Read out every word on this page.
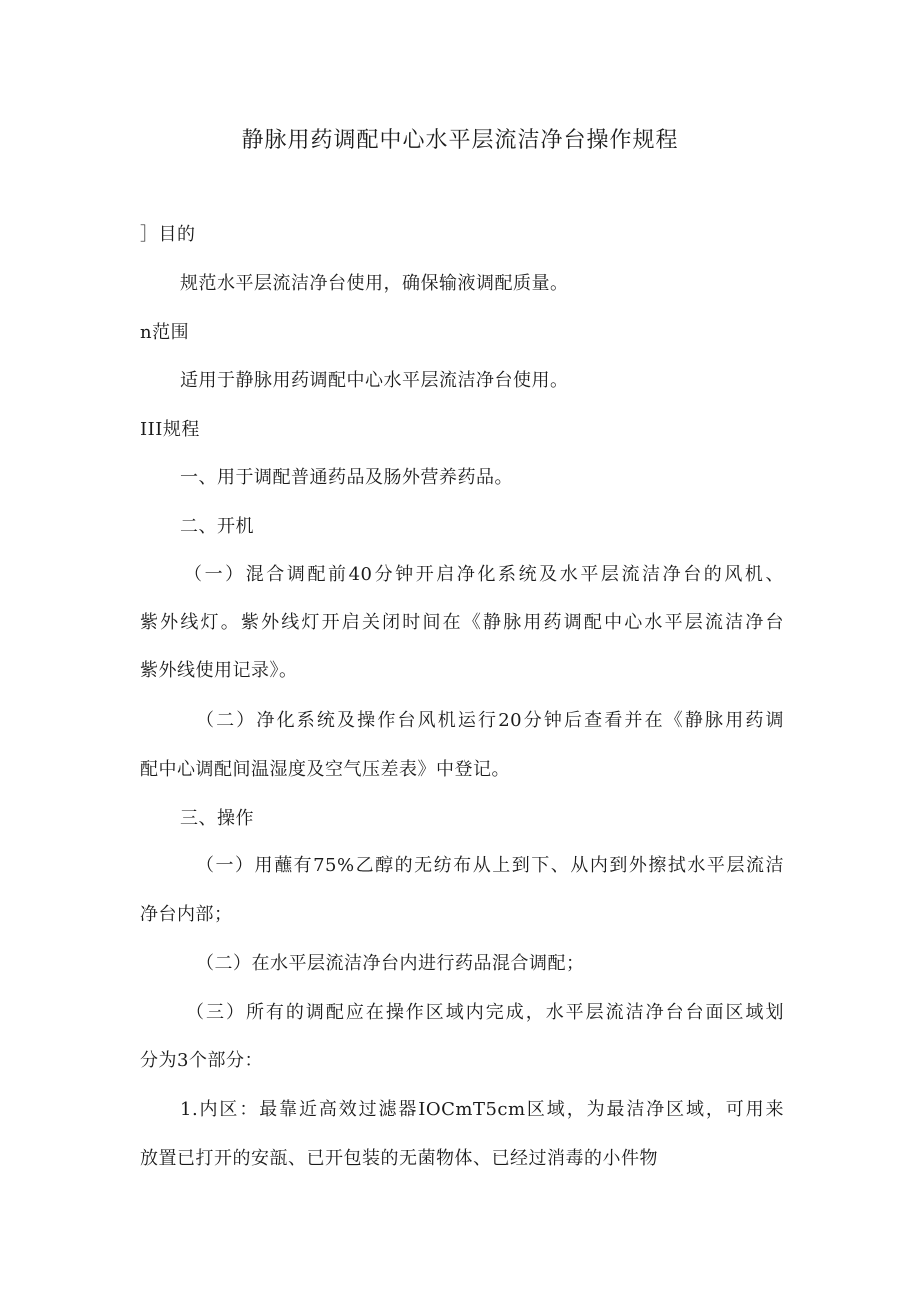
静脉用药调配中心水平层流洁净台操作规程
］目的
规范水平层流洁净台使用，确保输液调配质量。
n范围
适用于静脉用药调配中心水平层流洁净台使用。
III规程
一、用于调配普通药品及肠外营养药品。
二、开机
（一）混合调配前40分钟开启净化系统及水平层流洁净台的风机、
紫外线灯。紫外线灯开启关闭时间在《静脉用药调配中心水平层流洁净台
紫外线使用记录》。
（二）净化系统及操作台风机运行20分钟后查看并在《静脉用药调
配中心调配间温湿度及空气压差表》中登记。
三、操作
（一）用蘸有75%乙醇的无纺布从上到下、从内到外擦拭水平层流洁
净台内部；
（二）在水平层流洁净台内进行药品混合调配；
（三）所有的调配应在操作区域内完成，水平层流洁净台台面区域划
分为3个部分：
1.内区：最靠近高效过滤器IOCmT5cm区域，为最洁净区域，可用来
放置已打开的安瓿、已开包装的无菌物体、已经过消毒的小件物
